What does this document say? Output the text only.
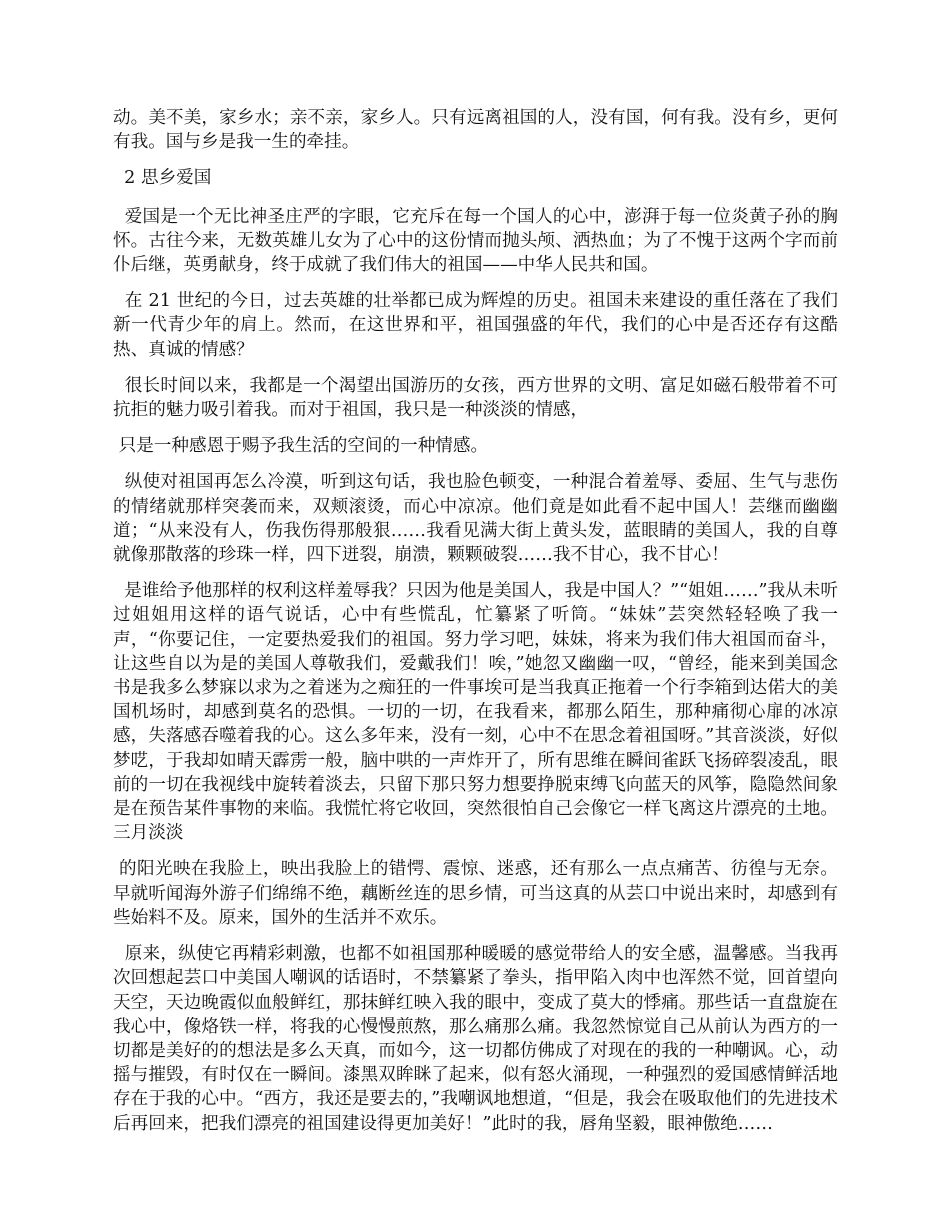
动。美不美，家乡水；亲不亲，家乡人。只有远离祖国的人，没有国，何有我。没有乡，更何有我。国与乡是我一生的牵挂。

2 思乡爱国

爱国是一个无比神圣庄严的字眼，它充斥在每一个国人的心中，澎湃于每一位炎黄子孙的胸怀。古往今来，无数英雄儿女为了心中的这份情而抛头颅、洒热血；为了不愧于这两个字而前仆后继，英勇献身，终于成就了我们伟大的祖国——中华人民共和国。

在 21 世纪的今日，过去英雄的壮举都已成为辉煌的历史。祖国未来建设的重任落在了我们新一代青少年的肩上。然而，在这世界和平，祖国强盛的年代，我们的心中是否还存有这酷热、真诚的情感？

很长时间以来，我都是一个渴望出国游历的女孩，西方世界的文明、富足如磁石般带着不可抗拒的魅力吸引着我。而对于祖国，我只是一种淡淡的情感，

只是一种感恩于赐予我生活的空间的一种情感。

纵使对祖国再怎么冷漠，听到这句话，我也脸色顿变，一种混合着羞辱、委屈、生气与悲伤的情绪就那样突袭而来，双颊滚烫，而心中凉凉。他们竟是如此看不起中国人！芸继而幽幽道；“从来没有人，伤我伤得那般狠……我看见满大街上黄头发，蓝眼睛的美国人，我的自尊就像那散落的珍珠一样，四下迸裂，崩溃，颗颗破裂……我不甘心，我不甘心！

是谁给予他那样的权利这样羞辱我？只因为他是美国人，我是中国人？”“姐姐……”我从未听过姐姐用这样的语气说话，心中有些慌乱，忙纂紧了听筒。“妹妹”芸突然轻轻唤了我一声，“你要记住，一定要热爱我们的祖国。努力学习吧，妹妹，将来为我们伟大祖国而奋斗，让这些自以为是的美国人尊敬我们，爱戴我们！唉，”她忽又幽幽一叹，“曾经，能来到美国念书是我多么梦寐以求为之着迷为之痴狂的一件事埃可是当我真正拖着一个行李箱到达偌大的美国机场时，却感到莫名的恐惧。一切的一切，在我看来，都那么陌生，那种痛彻心扉的冰凉感，失落感吞噬着我的心。这么多年来，没有一刻，心中不在思念着祖国呀。”其音淡淡，好似梦呓，于我却如晴天霹雳一般，脑中哄的一声炸开了，所有思维在瞬间雀跃飞扬碎裂凌乱，眼前的一切在我视线中旋转着淡去，只留下那只努力想要挣脱束缚飞向蓝天的风筝，隐隐然间象是在预告某件事物的来临。我慌忙将它收回，突然很怕自己会像它一样飞离这片漂亮的土地。三月淡淡

的阳光映在我脸上，映出我脸上的错愕、震惊、迷惑，还有那么一点点痛苦、彷徨与无奈。早就听闻海外游子们绵绵不绝，藕断丝连的思乡情，可当这真的从芸口中说出来时，却感到有些始料不及。原来，国外的生活并不欢乐。

原来，纵使它再精彩刺激，也都不如祖国那种暖暖的感觉带给人的安全感，温馨感。当我再次回想起芸口中美国人嘲讽的话语时，不禁纂紧了拳头，指甲陷入肉中也浑然不觉，回首望向天空，天边晚霞似血般鲜红，那抹鲜红映入我的眼中，变成了莫大的悸痛。那些话一直盘旋在我心中，像烙铁一样，将我的心慢慢煎熬，那么痛那么痛。我忽然惊觉自己从前认为西方的一切都是美好的的想法是多么天真，而如今，这一切都仿佛成了对现在的我的一种嘲讽。心，动摇与摧毁，有时仅在一瞬间。漆黑双眸眯了起来，似有怒火涌现，一种强烈的爱国感情鲜活地存在于我的心中。“西方，我还是要去的，”我嘲讽地想道，“但是，我会在吸取他们的先进技术后再回来，把我们漂亮的祖国建设得更加美好！”此时的我，唇角坚毅，眼神傲绝……
